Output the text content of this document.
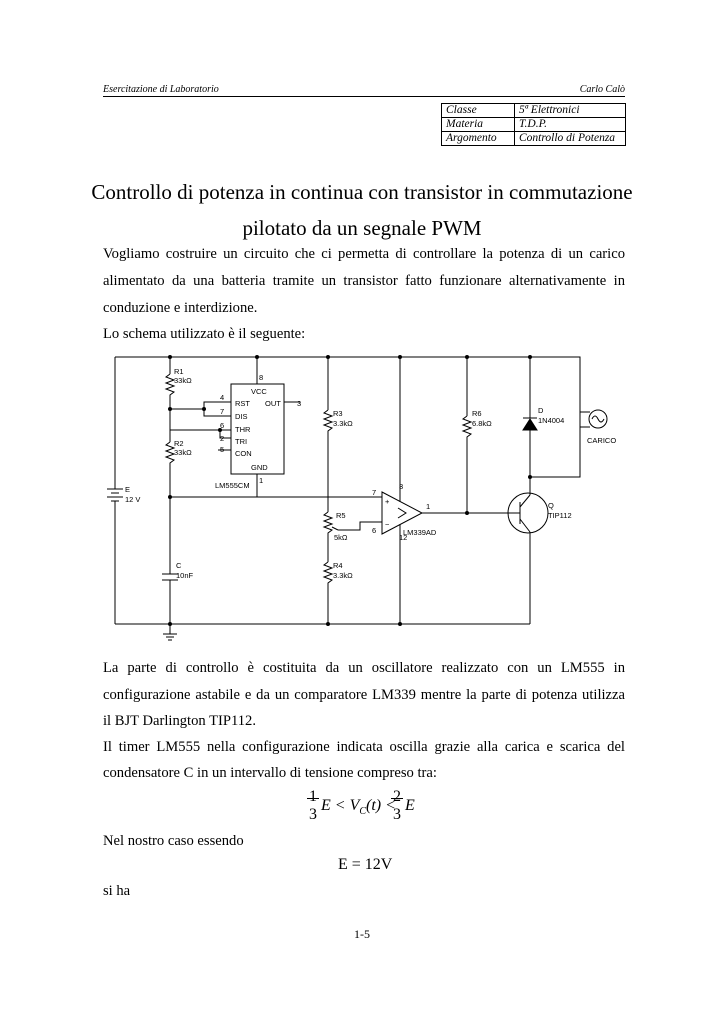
Esercitazione di Laboratorio	Carlo Calò
Classe	5ª Elettronici
Materia	T.D.P.
Argomento	Controllo di Potenza
Controllo di potenza in continua con transistor in commutazione
pilotato da un segnale PWM
Vogliamo costruire un circuito che ci permetta di controllare la potenza di un carico
alimentato da una batteria tramite un transistor fatto funzionare alternativamente in
conduzione e interdizione.
Lo schema utilizzato è il seguente:
R1
33kΩ
R2
33kΩ
C
10nF
E
12 V
LM555CM
8
4
7
6
2
5
1
3
VCC
RST OUT
DIS
THR
TRI
CON
GND
R3
3.3kΩ
R5
5kΩ
R4
3.3kΩ
R6
6.8kΩ
LM339AD
7
6
3
12
1
+
−
D
1N4004
Q
TIP112
CARICO
La parte di controllo è costituita da un oscillatore realizzato con un LM555 in
configurazione astabile e da un comparatore LM339 mentre la parte di potenza utilizza
il BJT Darlington TIP112.
Il timer LM555 nella configurazione indicata oscilla grazie alla carica e scarica del
condensatore C in un intervallo di tensione compreso tra:
1
3
$E < V_C(t)$ <
2
3
E
Nel nostro caso essendo
E = 12V
si ha
1-5
